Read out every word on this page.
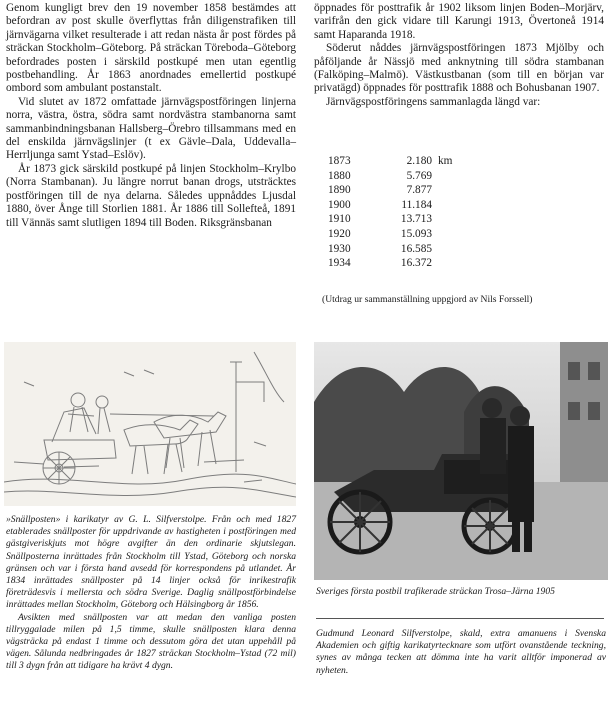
Genom kungligt brev den 19 november 1858 bestämdes att befordran av post skulle överflyttas från diligenstrafiken till järnvägarna vilket resulterade i att redan nästa år post fördes på sträckan Stockholm–Göteborg. På sträckan Töreboda–Göteborg befordrades posten i särskild postkupé men utan egentlig postbehandling. År 1863 anordnades emellertid postkupé ombord som ambulant postanstalt.

Vid slutet av 1872 omfattade järnvägspostföringen linjerna norra, västra, östra, södra samt nordvästra stambanorna samt sammanbindningsbanan Hallsberg–Örebro tillsammans med en del enskilda järnvägslinjer (t ex Gävle–Dala, Uddevalla–Herrljunga samt Ystad–Eslöv).

År 1873 gick särskild postkupé på linjen Stockholm–Krylbo (Norra Stambanan). Ju längre norrut banan drogs, utsträcktes postföringen till de nya delarna. Således uppnåddes Ljusdal 1880, över Ånge till Storlien 1881. År 1886 till Sollefteå, 1891 till Vännäs samt slutligen 1894 till Boden. Riksgränsbanan

öppnades för posttrafik år 1902 liksom linjen Boden–Morjärv, varifrån den gick vidare till Karungi 1913, Övertoneå 1914 samt Haparanda 1918.

Söderut nåddes järnvägspostföringen 1873 Mjölby och påföljande år Nässjö med anknytning till södra stambanan (Falköping–Malmö). Västkustbanan (som till en början var privatägd) öppnades för posttrafik 1888 och Bohusbanan 1907.

Järnvägspostföringens sammanlagda längd var:

1873	2.180	km
1880	5.769	
1890	7.877	
1900	11.184	
1910	13.713	
1920	15.093	
1930	16.585	
1934	16.372	

(Utdrag ur sammanställning uppgjord av Nils Forssell)

»Snällposten» i karikatyr av G. L. Silfverstolpe. Från och med 1827 etablerades snällposter för uppdrivande av hastigheten i postföringen med gästgiveriskjuts mot högre avgifter än den ordinarie skjutslegan. Snällposterna inrättades från Stockholm till Ystad, Göteborg och norska gränsen och var i första hand avsedd för korrespondens på utlandet. År 1834 inrättades snällposter på 14 linjer också för inrikestrafik företrädesvis i mellersta och södra Sverige. Daglig snällpostförbindelse inrättades mellan Stockholm, Göteborg och Hälsingborg år 1856.

Avsikten med snällposten var att medan den vanliga posten tillryggalade milen på 1,5 timme, skulle snällposten klara denna vägsträcka på endast 1 timme och dessutom göra det utan uppehåll på vägen. Sålunda nedbringades år 1827 sträckan Stockholm–Ystad (72 mil) till 3 dygn från att tidigare ha krävt 4 dygn.

Sveriges första postbil trafikerade sträckan Trosa–Järna 1905

Gudmund Leonard Silfverstolpe, skald, extra amanuens i Svenska Akademien och giftig karikatyrtecknare som utfört ovanstående teckning, synes av många tecken att dömma inte ha varit alltför imponerad av nyheten.
